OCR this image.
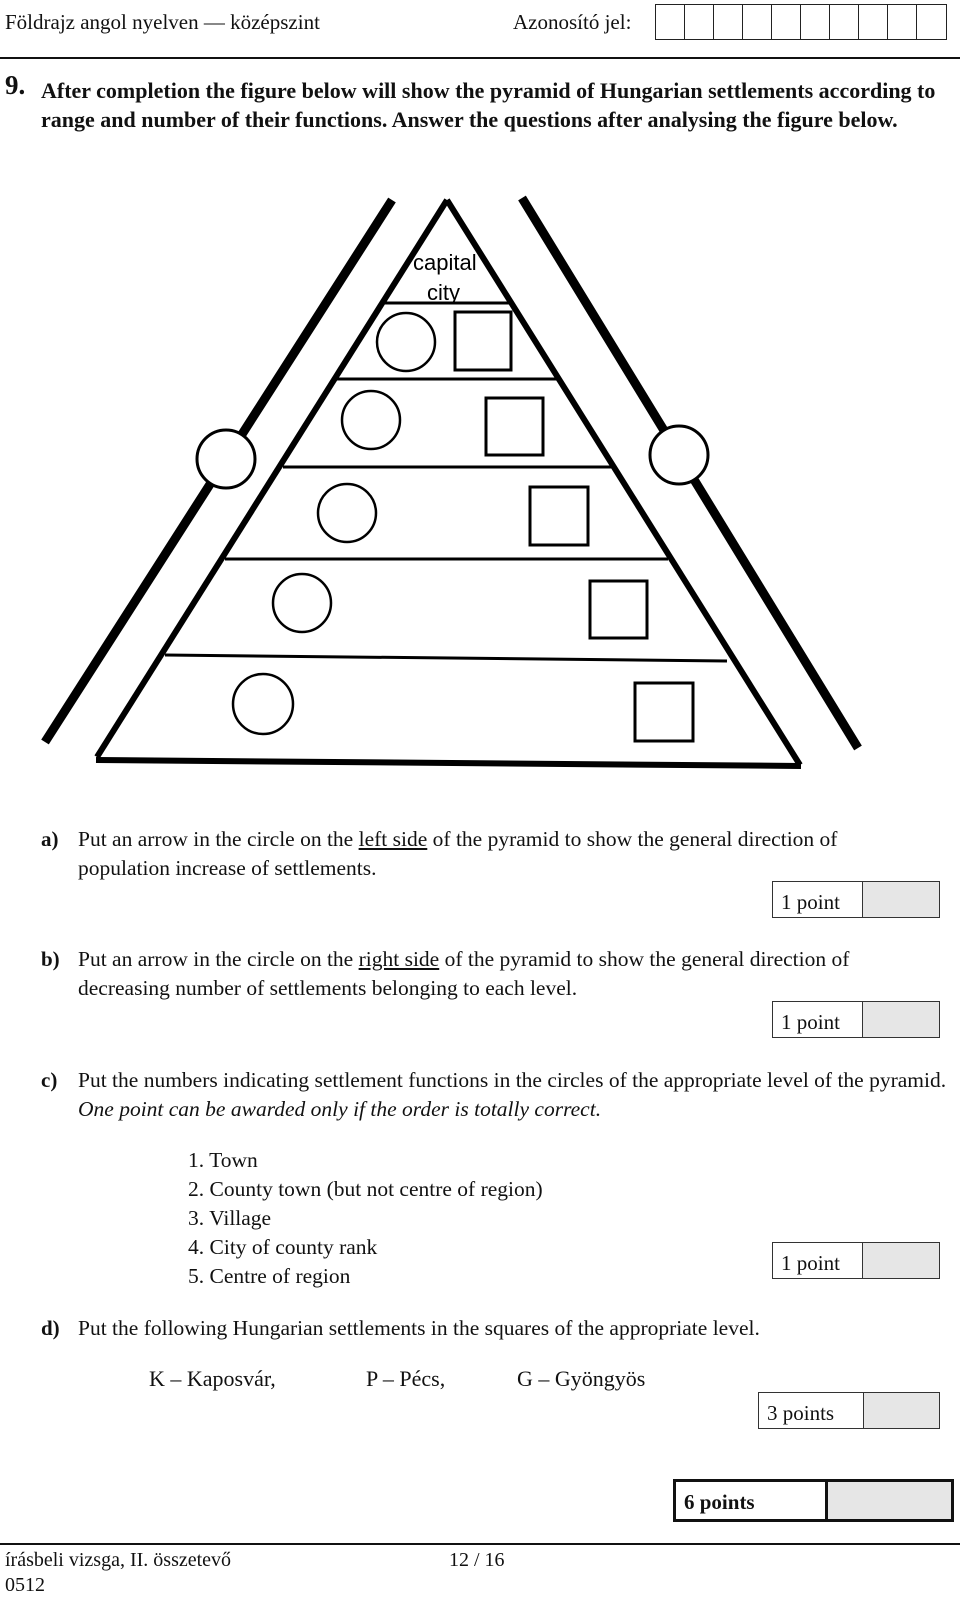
Földrajz angol nyelven — középszint	Azonosító jel:
9. After completion the figure below will show the pyramid of Hungarian settlements according to range and number of their functions. Answer the questions after analysing the figure below.
capital
city
a) Put an arrow in the circle on the left side of the pyramid to show the general direction of population increase of settlements.
1 point
b) Put an arrow in the circle on the right side of the pyramid to show the general direction of decreasing number of settlements belonging to each level.
1 point
c) Put the numbers indicating settlement functions in the circles of the appropriate level of the pyramid. One point can be awarded only if the order is totally correct.
1. Town
2. County town (but not centre of region)
3. Village
4. City of county rank
5. Centre of region
1 point
d) Put the following Hungarian settlements in the squares of the appropriate level.
K – Kaposvár,	P – Pécs,	G – Gyöngyös
3 points
6 points
írásbeli vizsga, II. összetevő	12 / 16
0512
